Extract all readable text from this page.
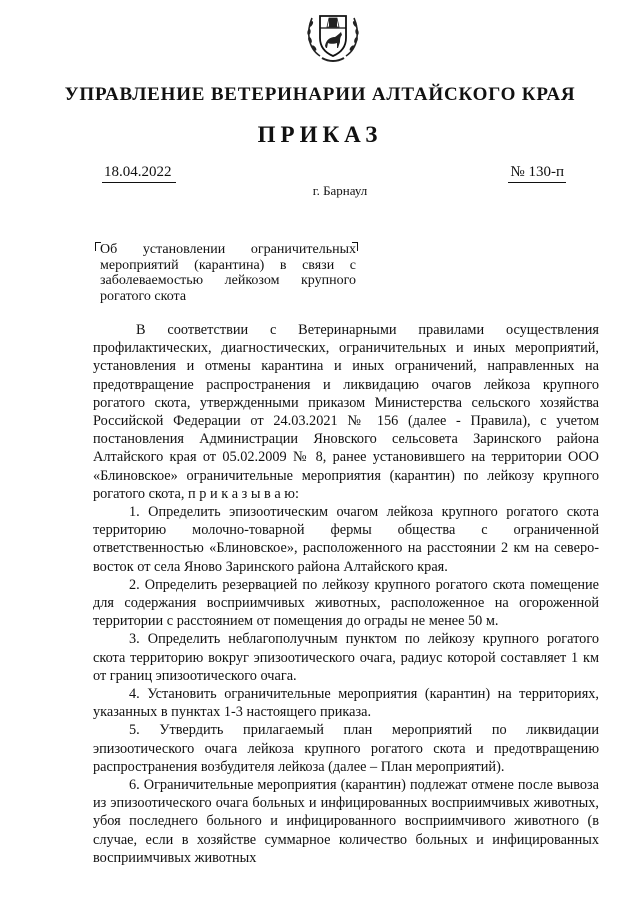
УПРАВЛЕНИЕ ВЕТЕРИНАРИИ АЛТАЙСКОГО КРАЯ
ПРИКАЗ
18.04.2022	№ 130-п
г. Барнаул
Об установлении ограничительных мероприятий (карантина) в связи с заболеваемостью лейкозом крупного рогатого скота

В соответствии с Ветеринарными правилами осуществления профилактических, диагностических, ограничительных и иных мероприятий, установления и отмены карантина и иных ограничений, направленных на предотвращение распространения и ликвидацию очагов лейкоза крупного рогатого скота, утвержденными приказом Министерства сельского хозяйства Российской Федерации от 24.03.2021 № 156 (далее - Правила), с учетом постановления Администрации Яновского сельсовета Заринского района Алтайского края от 05.02.2009 № 8, ранее установившего на территории ООО «Блиновское» ограничительные мероприятия (карантин) по лейкозу крупного рогатого скота, п р и к а з ы в а ю:

1. Определить эпизоотическим очагом лейкоза крупного рогатого скота территорию молочно-товарной фермы общества с ограниченной ответственностью «Блиновское», расположенного на расстоянии 2 км на северо-восток от села Яново Заринского района Алтайского края.

2. Определить резервацией по лейкозу крупного рогатого скота помещение для содержания восприимчивых животных, расположенное на огороженной территории с расстоянием от помещения до ограды не менее 50 м.

3. Определить неблагополучным пунктом по лейкозу крупного рогатого скота территорию вокруг эпизоотического очага, радиус которой составляет 1 км от границ эпизоотического очага.

4. Установить ограничительные мероприятия (карантин) на территориях, указанных в пунктах 1-3 настоящего приказа.

5. Утвердить прилагаемый план мероприятий по ликвидации эпизоотического очага лейкоза крупного рогатого скота и предотвращению распространения возбудителя лейкоза (далее – План мероприятий).

6. Ограничительные мероприятия (карантин) подлежат отмене после вывоза из эпизоотического очага больных и инфицированных восприимчивых животных, убоя последнего больного и инфицированного восприимчивого животного (в случае, если в хозяйстве суммарное количество больных и инфицированных восприимчивых животных
